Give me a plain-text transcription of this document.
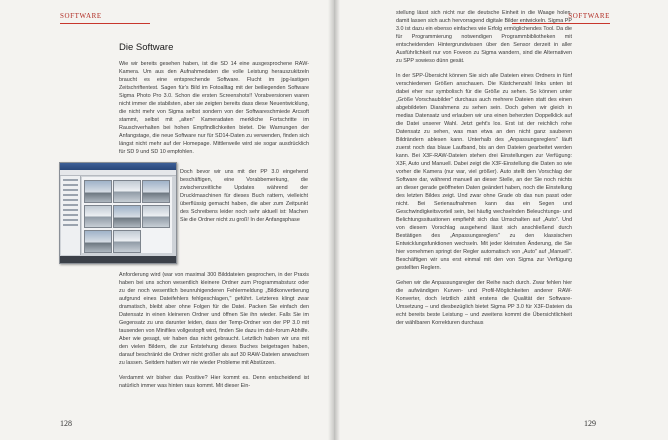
SOFTWARE
Die Software

Wie wir bereits gesehen haben, ist die SD 14 eine ausgesprochene RAW-Kamera. Um aus den Aufnahmedaten die volle Leistung herauszukitzeln braucht es eine entsprechende Software. Flucht im jpg-lastigen Zeitschriftentest. Sagen für's Bild im Fotoalltag mit der beiliegenden Software Sigma Photo Pro 3.0. Schon die ersten Screenshots!! Vorabversionen waren nicht immer die stabilsten, aber sie zeigten bereits dass diese Neuentwicklung, die nicht mehr von Sigma selbst sondern von der Softwareschmiede Arcsoft stammt, selbst mit „alten" Kameradaten merkliche Fortschritte im Rauschverhalten bei hohen Empfindlichkeiten bietet. Die Warnungen der Anfangstage, die neue Software nur für SD14-Daten zu verwenden, finden sich längst nicht mehr auf der Homepage. Mittlerweile wird sie sogar ausdrücklich für SD 9 und SD 10 empfohlen.

Doch bevor wir uns mit der PP 3.0 eingehend beschäftigen, eine Vorabbemerkung, die zwischenzeitliche Updates während der Drucklmaschinen für dieses Buch rattern, vielleicht überflüssig gemacht haben, die aber zum Zeitpunkt des Schreibens leider noch sehr aktuell ist: Machen Sie die Ordner nicht zu groß! In der Anfangsphase

Anforderung wird (war von maximal 300 Bilddateien gesprochen, in der Praxis haben bei uns schon wesentlich kleinere Ordner zum Programmabsturz oder zu der noch wesentlich beunruhigenderen Fehlermeldung „Bildkonvertierung aufgrund eines Dateifehlers fehlgeschlagen," geführt. Letzteres klingt zwar dramatisch, bleibt aber ohne Folgen für die Datei. Packen Sie einfach den Datensatz in einen kleineren Ordner und öffnen Sie ihn wieder. Falls Sie im Gegensatz zu uns darunter leiden, dass der Temp-Ordner von der PP 3.0 mit tausenden von Minifiles vollgestopft wird, finden Sie dazu im dslr-forum Abhilfe. Aber wie gesagt, wir haben das nicht gebraucht. Letztlich haben wir uns mit den vielen Bildern, die zur Entstehung dieses Buches beigetragen haben, darauf beschränkt die Ordner nicht größer als auf 30 RAW-Dateien anwachsen zu lassen. Seitdem hatten wir nie wieder Probleme mit Abstürzen.

Verdammt wir bisher das Positive? Hier kommt es. Denn entscheidend ist natürlich immer was hinten raus kommt. Mit dieser Ein-

128
SOFTWARE

stellung lässt sich nicht nur die deutsche Einheit in die Waage holen, damit lassen sich auch hervorragend digitale Bilder entwickeln. Sigma PP 3.0 ist dazu ein ebenso einfaches wie Erfolg ermöglichendes Tool. Da die für Programmierung notwendigen Programmbibliotheken mit entscheidenden Hintergrundwissen über den Sensor derzeit in aller Ausführlichkeit nur von Foveon zu Sigma wandern, sind die Alternativen zu SPP sowieso dünn gesät.

In der SPP-Übersicht können Sie sich alle Dateien eines Ordners in fünf verschiedenen Größen anschauen. Die Kästchenzahl links unten ist dabei eher nur symbolisch für die Größe zu sehen. So können unter „Größe Vorschaubilder" durchaus auch mehrere Dateien statt des einen abgebildeten Diarahmens zu sehen sein. Doch gehen wir gleich in medias Datensatz und erlauben wir uns einen beherzten Doppelklick auf die Datei unserer Wahl. Jetzt geht's los. Erst ist der reichlich rohe Datensatz zu sehen, was man etwa an den nicht ganz sauberen Bildrändern ablesen kann. Unterhalb des „Anpassungsreglers" läuft zuerst noch das blaue Laufband, bis an den Dateien gearbeitet werden kann. Bei X3F-RAW-Dateien stehen drei Einstellungen zur Verfügung: X3F, Auto und Manuell. Dabei zeigt die X3F-Einstellung die Daten so wie vorher die Kamera (nur war, viel größer). Auto stellt den Vorschlag der Software dar, während manuell an dieser Stelle, an der Sie noch nichts an dieser gerade geöffneten Daten geändert haben, noch die Einstellung des letzten Bildes zeigt. Und zwar ohne Grade ob das nun passt oder nicht. Bei Serienaufnahmen kann das ein Segen und Geschwindigkeitsvorteil sein, bei häufig wechselnden Beleuchtungs- und Belichtungssituationen empfiehlt sich das Umschalten auf „Auto". Und von diesem Vorschlag ausgehend lässt sich anschließend durch Bestätigen des „Anpassungsreglers" zu den klassischen Entwicklungsfunktionen wechseln. Mit jeder kleinsten Änderung, die Sie hier vornehmen springt der Regler automatisch von „Auto" auf „Manuell". Beschäftigen wir uns erst einmal mit den von Sigma zur Verfügung gestellten Reglern.

Gehen wir die Anpassungsregler der Reihe nach durch. Zwar fehlen hier die aufwändigen Kurven- und Profil-Möglichkeiten anderer RAW-Konverter, doch letztlich zählt erstens die Qualität der Software-Umsetzung – und diesbezüglich bietet Sigma PP 3.0 für X3F-Dateien da echt bereits beste Leistung – und zweitens kommt die Übersichtlichkeit der wählbaren Korrekturen durchaus

129
